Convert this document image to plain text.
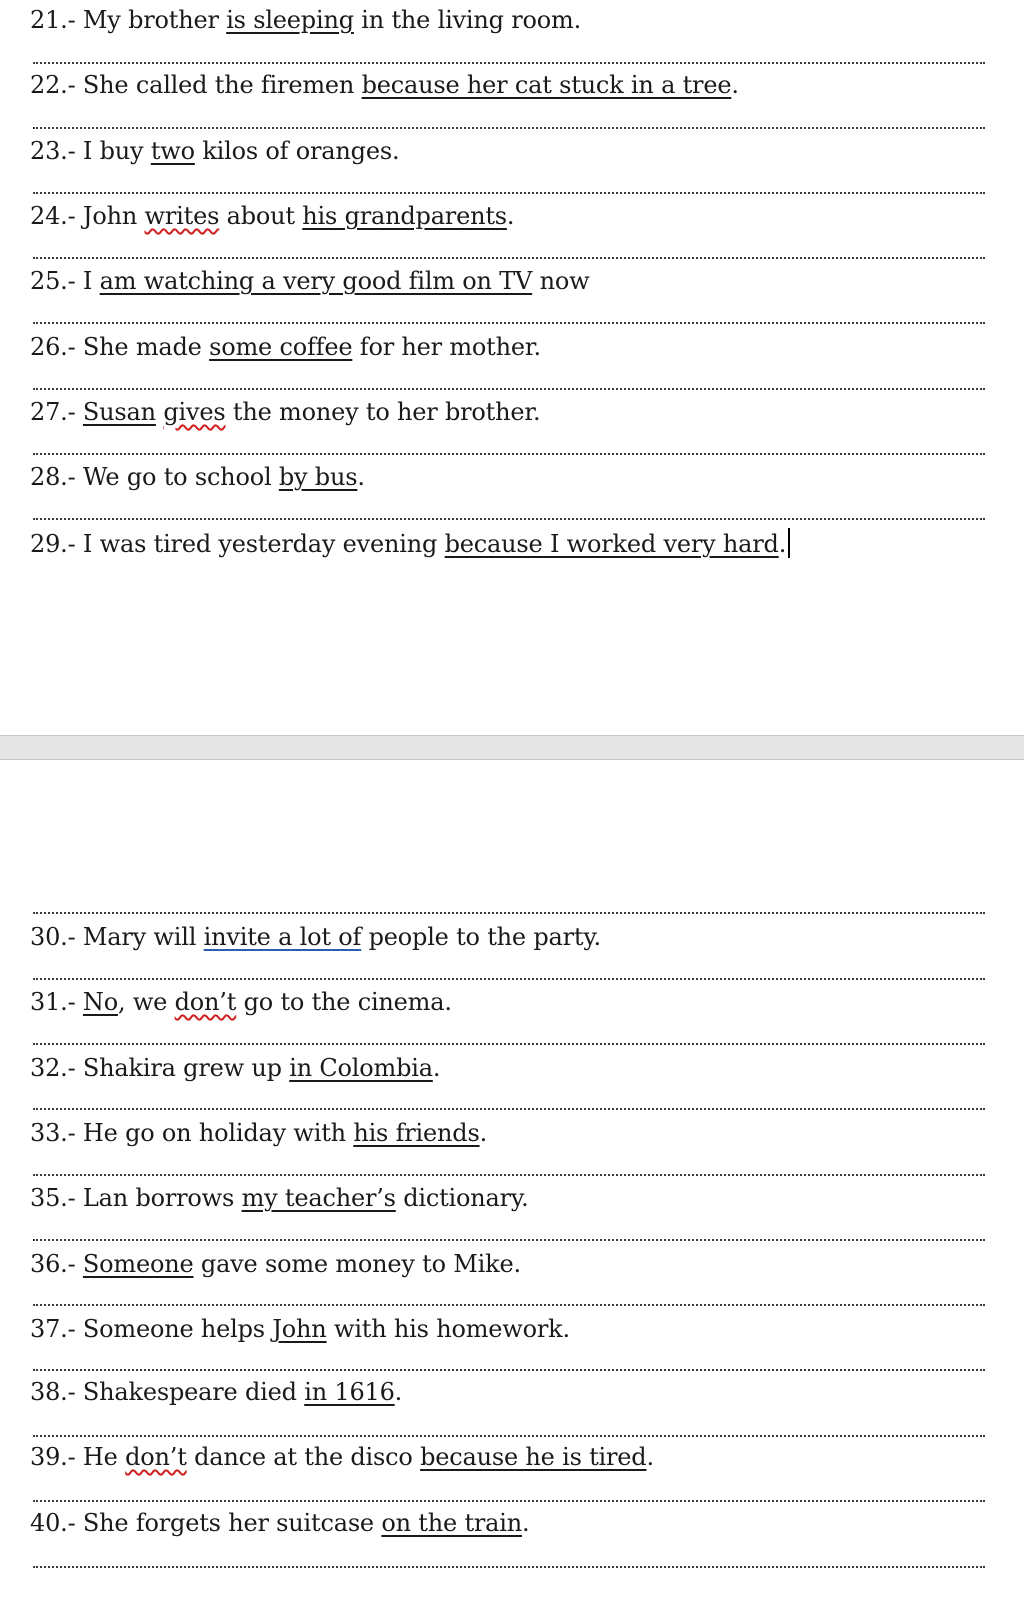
21.- My brother is sleeping in the living room.
22.- She called the firemen because her cat stuck in a tree.
23.- I buy two kilos of oranges.
24.- John writes about his grandparents.
25.- I am watching a very good film on TV now
26.- She made some coffee for her mother.
27.- Susan gives the money to her brother.
28.- We go to school by bus.
29.- I was tired yesterday evening because I worked very hard.
30.- Mary will invite a lot of people to the party.
31.- No, we don’t go to the cinema.
32.- Shakira grew up in Colombia.
33.- He go on holiday with his friends.
35.- Lan borrows my teacher’s dictionary.
36.- Someone gave some money to Mike.
37.- Someone helps John with his homework.
38.- Shakespeare died in 1616.
39.- He don’t dance at the disco because he is tired.
40.- She forgets her suitcase on the train.
